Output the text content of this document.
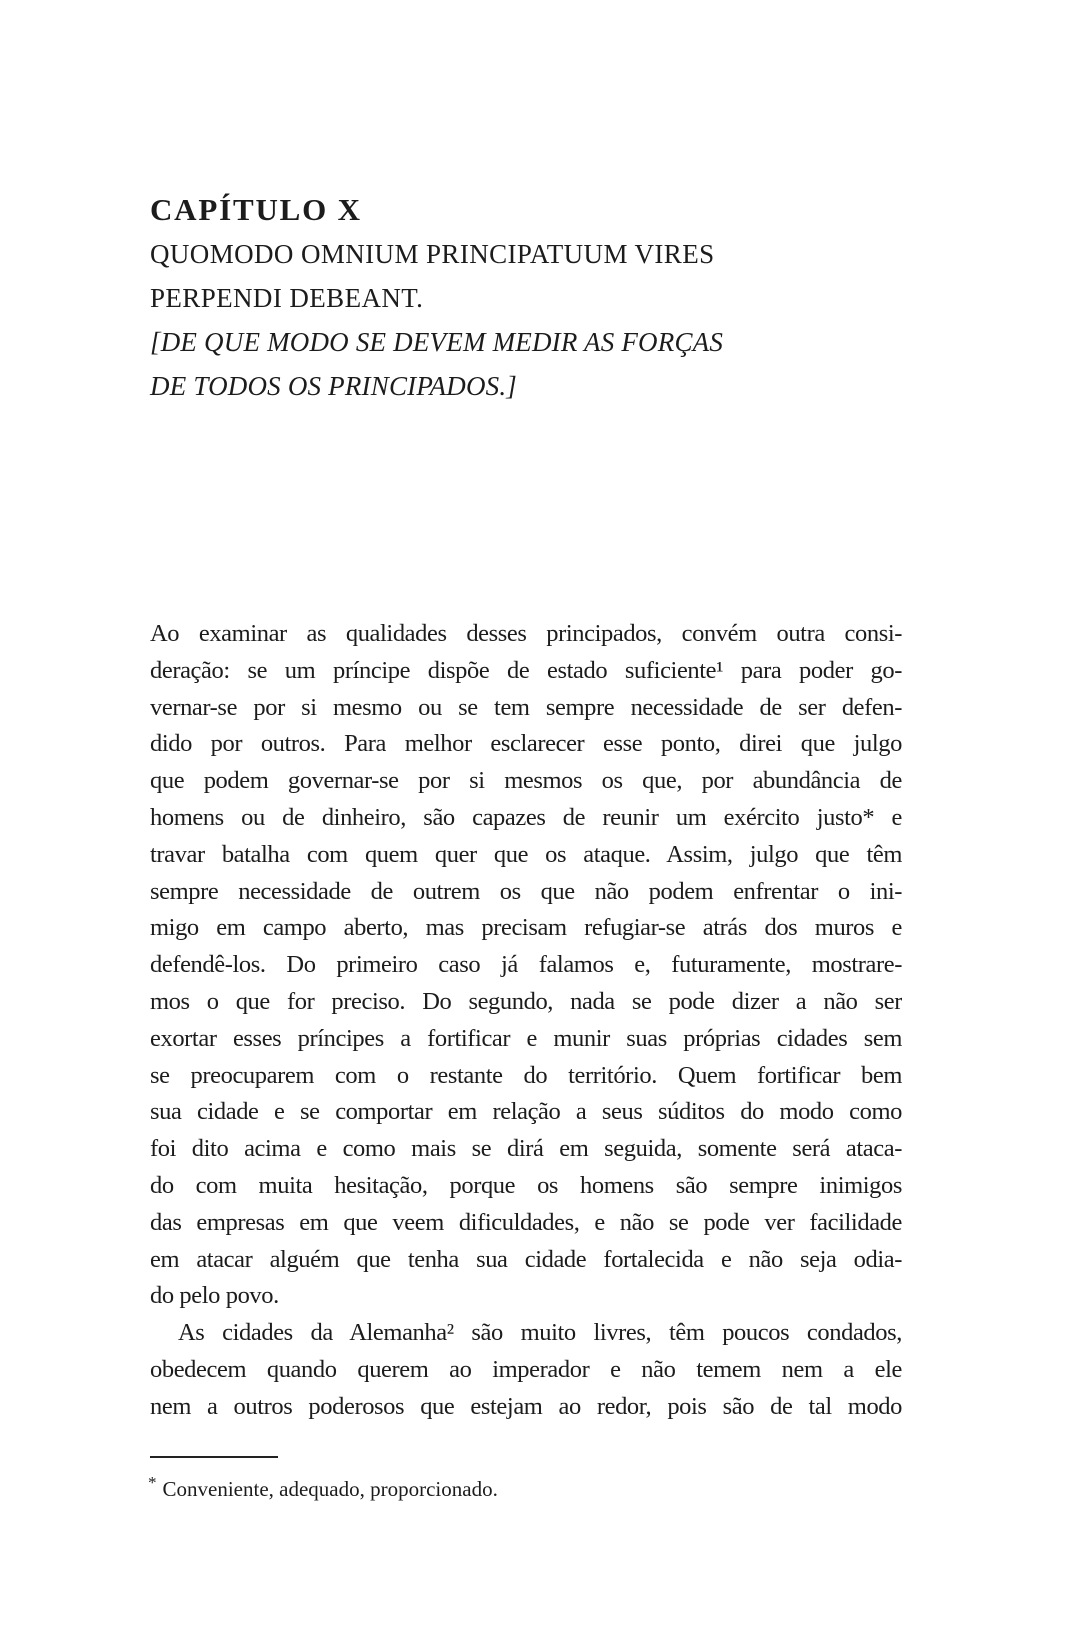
CAPÍTULO X
QUOMODO OMNIUM PRINCIPATUUM VIRES
PERPENDI DEBEANT.
[DE QUE MODO SE DEVEM MEDIR AS FORÇAS
DE TODOS OS PRINCIPADOS.]
Ao examinar as qualidades desses principados, convém outra consi-
deração: se um príncipe dispõe de estado suficiente¹ para poder go-
vernar-se por si mesmo ou se tem sempre necessidade de ser defen-
dido por outros. Para melhor esclarecer esse ponto, direi que julgo
que podem governar-se por si mesmos os que, por abundância de
homens ou de dinheiro, são capazes de reunir um exército justo* e
travar batalha com quem quer que os ataque. Assim, julgo que têm
sempre necessidade de outrem os que não podem enfrentar o ini-
migo em campo aberto, mas precisam refugiar-se atrás dos muros e
defendê-los. Do primeiro caso já falamos e, futuramente, mostrare-
mos o que for preciso. Do segundo, nada se pode dizer a não ser
exortar esses príncipes a fortificar e munir suas próprias cidades sem
se preocuparem com o restante do território. Quem fortificar bem
sua cidade e se comportar em relação a seus súditos do modo como
foi dito acima e como mais se dirá em seguida, somente será ataca-
do com muita hesitação, porque os homens são sempre inimigos
das empresas em que veem dificuldades, e não se pode ver facilidade
em atacar alguém que tenha sua cidade fortalecida e não seja odia-
do pelo povo.
As cidades da Alemanha² são muito livres, têm poucos condados,
obedecem quando querem ao imperador e não temem nem a ele
nem a outros poderosos que estejam ao redor, pois são de tal modo
* Conveniente, adequado, proporcionado.
